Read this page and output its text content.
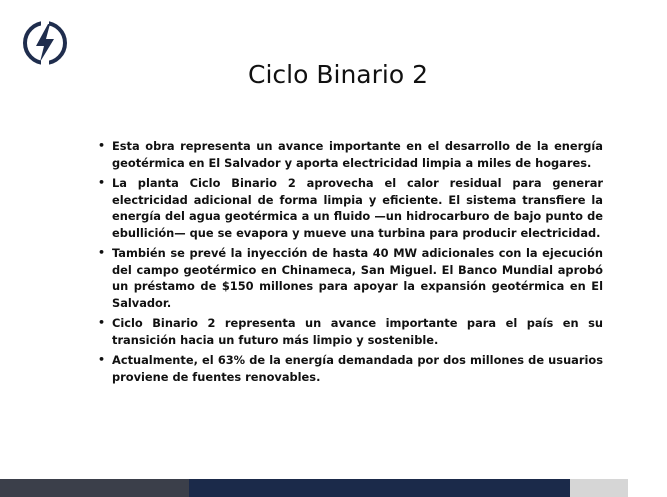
Ciclo Binario 2
• Esta obra representa un avance importante en el desarrollo de la energía geotérmica en El Salvador y aporta electricidad limpia a miles de hogares.
• La planta Ciclo Binario 2 aprovecha el calor residual para generar electricidad adicional de forma limpia y eficiente. El sistema transfiere la energía del agua geotérmica a un fluido —un hidrocarburo de bajo punto de ebullición— que se evapora y mueve una turbina para producir electricidad.
• También se prevé la inyección de hasta 40 MW adicionales con la ejecución del campo geotérmico en Chinameca, San Miguel. El Banco Mundial aprobó un préstamo de $150 millones para apoyar la expansión geotérmica en El Salvador.
• Ciclo Binario 2 representa un avance importante para el país en su transición hacia un futuro más limpio y sostenible.
• Actualmente, el 63% de la energía demandada por dos millones de usuarios proviene de fuentes renovables.
